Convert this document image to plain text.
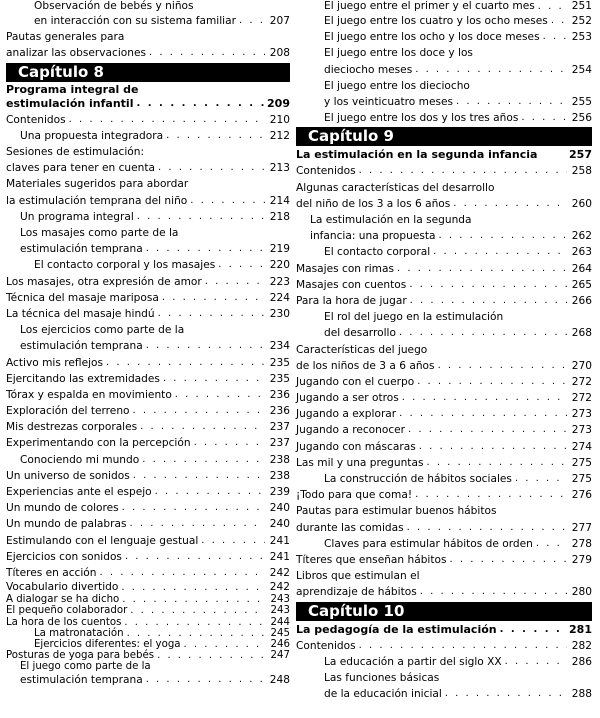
Observación de bebés y niños
en interacción con su sistema familiar . . .	207
Pautas generales para
analizar las observaciones . . .	208
Capítulo 8
Programa integral de
estimulación infantil . . .	209
Contenidos . . .	210
Una propuesta integradora . . .	212
Sesiones de estimulación:
claves para tener en cuenta . . .	213
Materiales sugeridos para abordar
la estimulación temprana del niño . . .	214
Un programa integral . . .	218
Los masajes como parte de la
estimulación temprana . . .	219
El contacto corporal y los masajes . . .	220
Los masajes, otra expresión de amor . . .	223
Técnica del masaje mariposa . . .	224
La técnica del masaje hindú . . .	230
Los ejercicios como parte de la
estimulación temprana . . .	234
Activo mis reflejos . . .	235
Ejercitando las extremidades . . .	235
Tórax y espalda en movimiento . . .	236
Exploración del terreno . . .	236
Mis destrezas corporales . . .	237
Experimentando con la percepción . . .	237
Conociendo mi mundo . . .	238
Un universo de sonidos . . .	238
Experiencias ante el espejo . . .	239
Un mundo de colores . . .	240
Un mundo de palabras . . .	240
Estimulando con el lenguaje gestual . . .	241
Ejercicios con sonidos . . .	241
Títeres en acción . . .	242
Vocabulario divertido . . .	242
A dialogar se ha dicho . . .	243
El pequeño colaborador . . .	243
La hora de los cuentos . . .	244
La matronatación . . .	245
Ejercicios diferentes: el yoga . . .	246
Posturas de yoga para bebés . . .	247
El juego como parte de la
estimulación temprana . . .	248
El juego entre el primer y el cuarto mes . . .	251
El juego entre los cuatro y los ocho meses . . . 252
El juego entre los ocho y los doce meses . . .	253
El juego entre los doce y los
dieciocho meses . . .	254
El juego entre los dieciocho
y los veinticuatro meses . . .	255
El juego entre los dos y los tres años . . .	256
Capítulo 9
La estimulación en la segunda infancia	257
Contenidos . . .	258
Algunas características del desarrollo
del niño de los 3 a los 6 años . . .	260
La estimulación en la segunda
infancia: una propuesta . . .	262
El contacto corporal . . .	263
Masajes con rimas . . .	264
Masajes con cuentos . . .	265
Para la hora de jugar . . .	266
El rol del juego en la estimulación
del desarrollo . . .	268
Características del juego
de los niños de 3 a 6 años . . .	270
Jugando con el cuerpo . . .	272
Jugando a ser otros . . .	272
Jugando a explorar . . .	273
Jugando a reconocer . . .	273
Jugando con máscaras . . .	274
Las mil y una preguntas . . .	275
La construcción de hábitos sociales . . .	275
¡Todo para que coma! . . .	276
Pautas para estimular buenos hábitos
durante las comidas . . .	277
Claves para estimular hábitos de orden . . .	278
Títeres que enseñan hábitos . . .	279
Libros que estimulan el
aprendizaje de hábitos . . .	280
Capítulo 10
La pedagogía de la estimulación . . .	281
Contenidos . . .	282
La educación a partir del siglo XX . . .	286
Las funciones básicas
de la educación inicial . . .	288
